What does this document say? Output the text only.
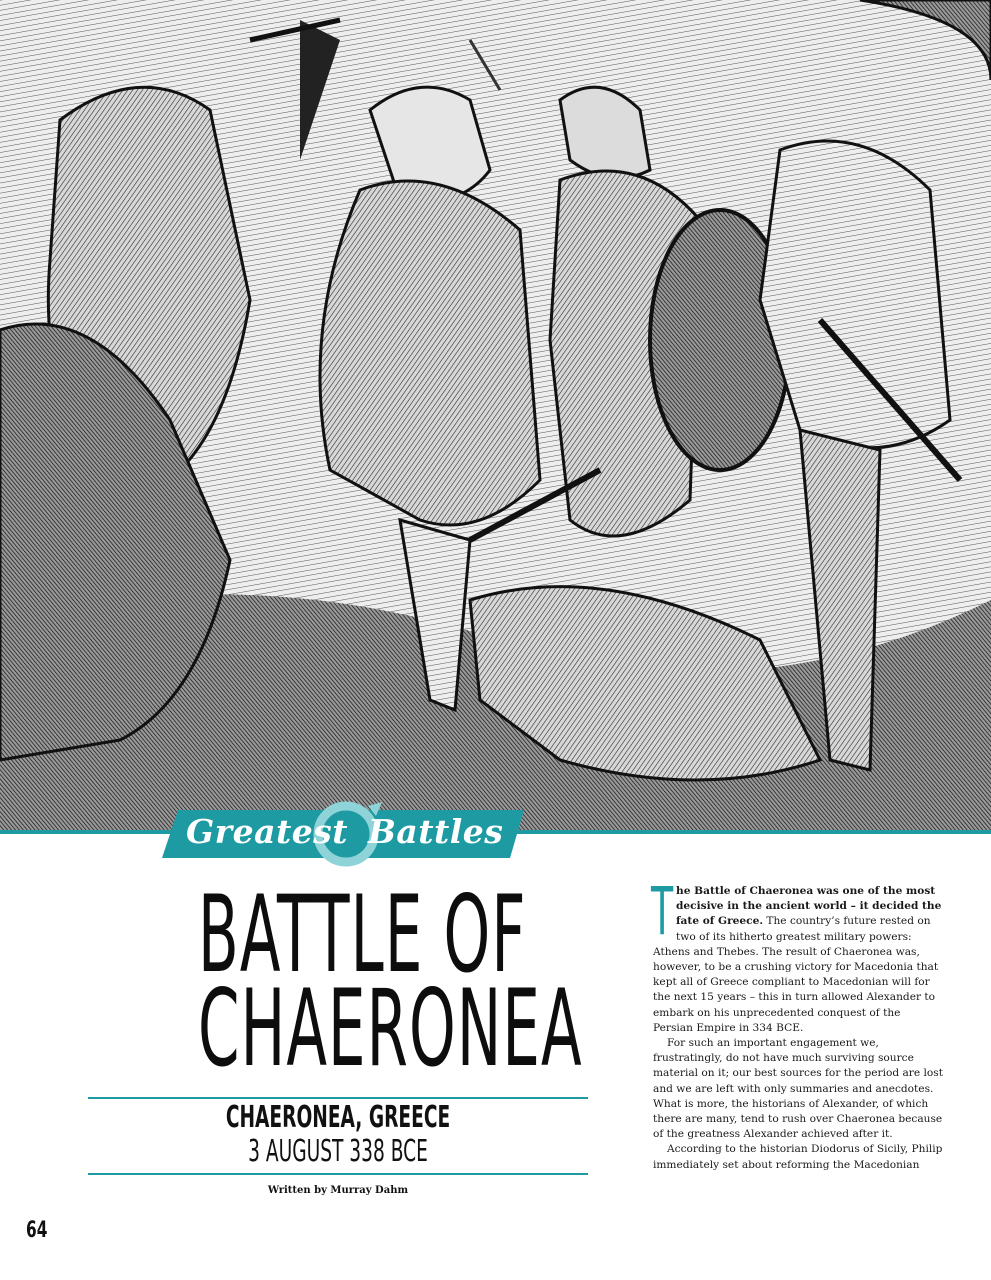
Greatest Battles
BATTLE OF
CHAERONEA
CHAERONEA, GREECE
3 AUGUST 338 BCE
Written by Murray Dahm
64

The Battle of Chaeronea was one of the most decisive in the ancient world – it decided the fate of Greece. The country’s future rested on two of its hitherto greatest military powers: Athens and Thebes. The result of Chaeronea was, however, to be a crushing victory for Macedonia that kept all of Greece compliant to Macedonian will for the next 15 years – this in turn allowed Alexander to embark on his unprecedented conquest of the Persian Empire in 334 BCE.

For such an important engagement we, frustratingly, do not have much surviving source material on it; our best sources for the period are lost and we are left with only summaries and anecdotes. What is more, the historians of Alexander, of which there are many, tend to rush over Chaeronea because of the greatness Alexander achieved after it.

According to the historian Diodorus of Sicily, Philip immediately set about reforming the Macedonian
